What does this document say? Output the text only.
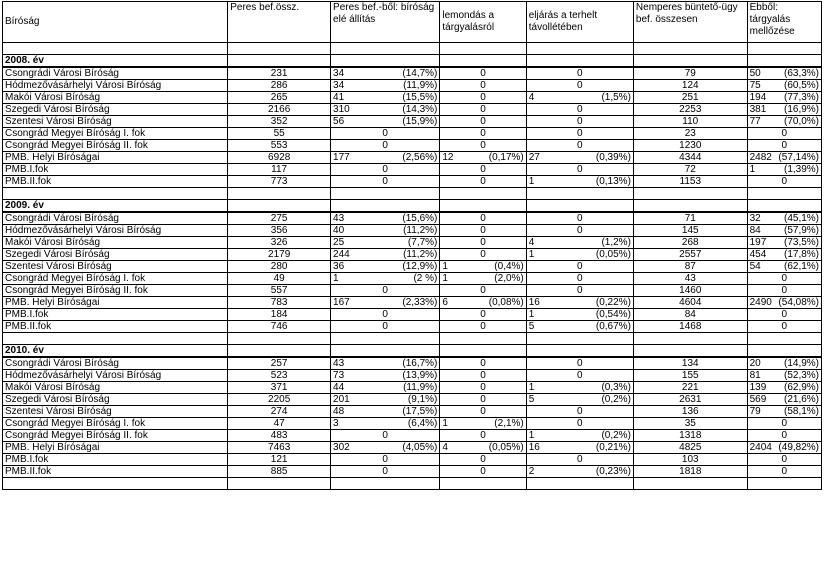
Bíróság	Peres bef.össz.	Peres bef.-ből: bíróság elé állítás	lemondás a tárgyalásról	eljárás a terhelt távollétében	Nemperes büntető-ügy bef. összesen	Ebből: tárgyalás mellőzése

2008. év						
Csongrádi Városi Bíróság	231	34 (14,7%)	0	0	79	50 (63,3%)

Hódmezővásárhelyi Városi Bíróság	286	34 (11,9%)	0	0	124	75 (60,5%)

Makói Városi Bíróság	265	41 (15,5%)	0	4 (1,5%)	251	194 (77,3%)

Szegedi Városi Bíróság	2166	310 (14,3%)	0	0	2253	381 (16,9%)

Szentesi Városi Bíróság	352	56 (15,9%)	0	0	110	77 (70,0%)

Csongrád Megyei Bíróság I. fok	55	0	0	0	23	0
Csongrád Megyei Bíróság II. fok	553	0	0	0	1230	0
PMB. Helyi Bíróságai	6928	177 (2,56%)	12 (0,17%)	27 (0,39%)	4344	2482 (57,14%)

PMB.I.fok	117	0	0	0	72	1 (1,39%)

PMB.II.fok	773	0	0	1 (0,13%)	1153	0

2009. év						
Csongrádi Városi Bíróság	275	43 (15,6%)	0	0	71	32 (45,1%)

Hódmezővásárhelyi Városi Bíróság	356	40 (11,2%)	0	0	145	84 (57,9%)

Makói Városi Bíróság	326	25 (7,7%)	0	4 (1,2%)	268	197 (73,5%)

Szegedi Városi Bíróság	2179	244 (11,2%)	0	1 (0,05%)	2557	454 (17,8%)

Szentesi Városi Bíróság	280	36 (12,9%)	1 (0,4%)	0	87	54 (62,1%)

Csongrád Megyei Bíróság I. fok	49	1 (2 %)	1 (2,0%)	0	43	0
Csongrád Megyei Bíróság II. fok	557	0	0	0	1460	0
PMB. Helyi Bíróságai	783	167 (2,33%)	6 (0,08%)	16 (0,22%)	4604	2490 (54,08%)

PMB.I.fok	184	0	0	1 (0,54%)	84	0
PMB.II.fok	746	0	0	5 (0,67%)	1468	0

2010. év						
Csongrádi Városi Bíróság	257	43 (16,7%)	0	0	134	20 (14,9%)

Hódmezővásárhelyi Városi Bíróság	523	73 (13,9%)	0	0	155	81 (52,3%)

Makói Városi Bíróság	371	44 (11,9%)	0	1 (0,3%)	221	139 (62,9%)

Szegedi Városi Bíróság	2205	201 (9,1%)	0	5 (0,2%)	2631	569 (21,6%)

Szentesi Városi Bíróság	274	48 (17,5%)	0	0	136	79 (58,1%)

Csongrád Megyei Bíróság I. fok	47	3 (6,4%)	1 (2,1%)	0	35	0
Csongrád Megyei Bíróság II. fok	483	0	0	1 (0,2%)	1318	0
PMB. Helyi Bíróságai	7463	302 (4,05%)	4 (0,05%)	16 (0,21%)	4825	2404 (49,82%)

PMB.I.fok	121	0	0	0	103	0
PMB.II.fok	885	0	0	2 (0,23%)	1818	0
